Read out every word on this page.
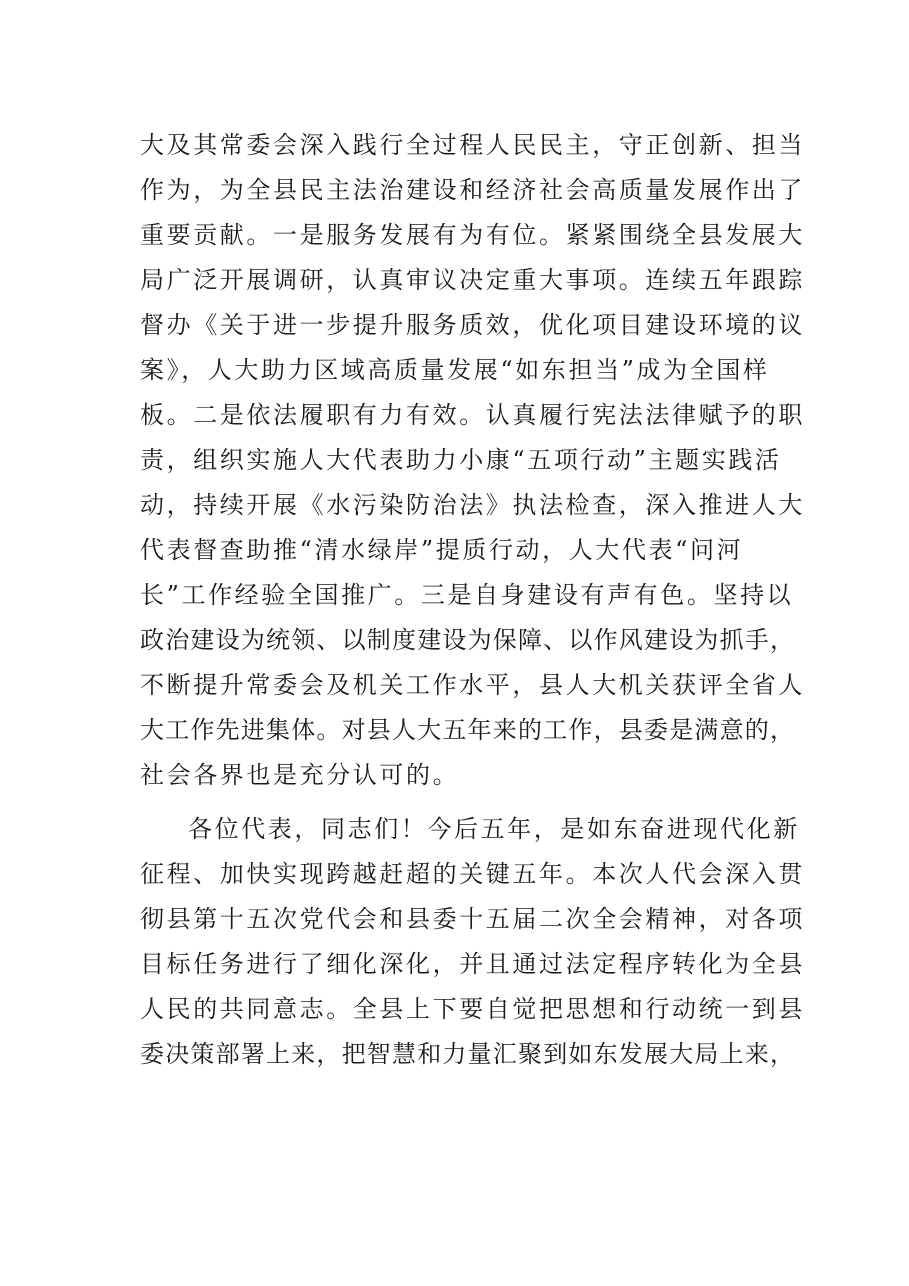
大及其常委会深入践行全过程人民民主，守正创新、担当
作为，为全县民主法治建设和经济社会高质量发展作出了
重要贡献。一是服务发展有为有位。紧紧围绕全县发展大
局广泛开展调研，认真审议决定重大事项。连续五年跟踪
督办《关于进一步提升服务质效，优化项目建设环境的议
案》，人大助力区域高质量发展“如东担当”成为全国样
板。二是依法履职有力有效。认真履行宪法法律赋予的职
责，组织实施人大代表助力小康“五项行动”主题实践活
动，持续开展《水污染防治法》执法检查，深入推进人大
代表督查助推“清水绿岸”提质行动，人大代表“问河
长”工作经验全国推广。三是自身建设有声有色。坚持以
政治建设为统领、以制度建设为保障、以作风建设为抓手，
不断提升常委会及机关工作水平，县人大机关获评全省人
大工作先进集体。对县人大五年来的工作，县委是满意的，
社会各界也是充分认可的。
各位代表，同志们！今后五年，是如东奋进现代化新
征程、加快实现跨越赶超的关键五年。本次人代会深入贯
彻县第十五次党代会和县委十五届二次全会精神，对各项
目标任务进行了细化深化，并且通过法定程序转化为全县
人民的共同意志。全县上下要自觉把思想和行动统一到县
委决策部署上来，把智慧和力量汇聚到如东发展大局上来，
